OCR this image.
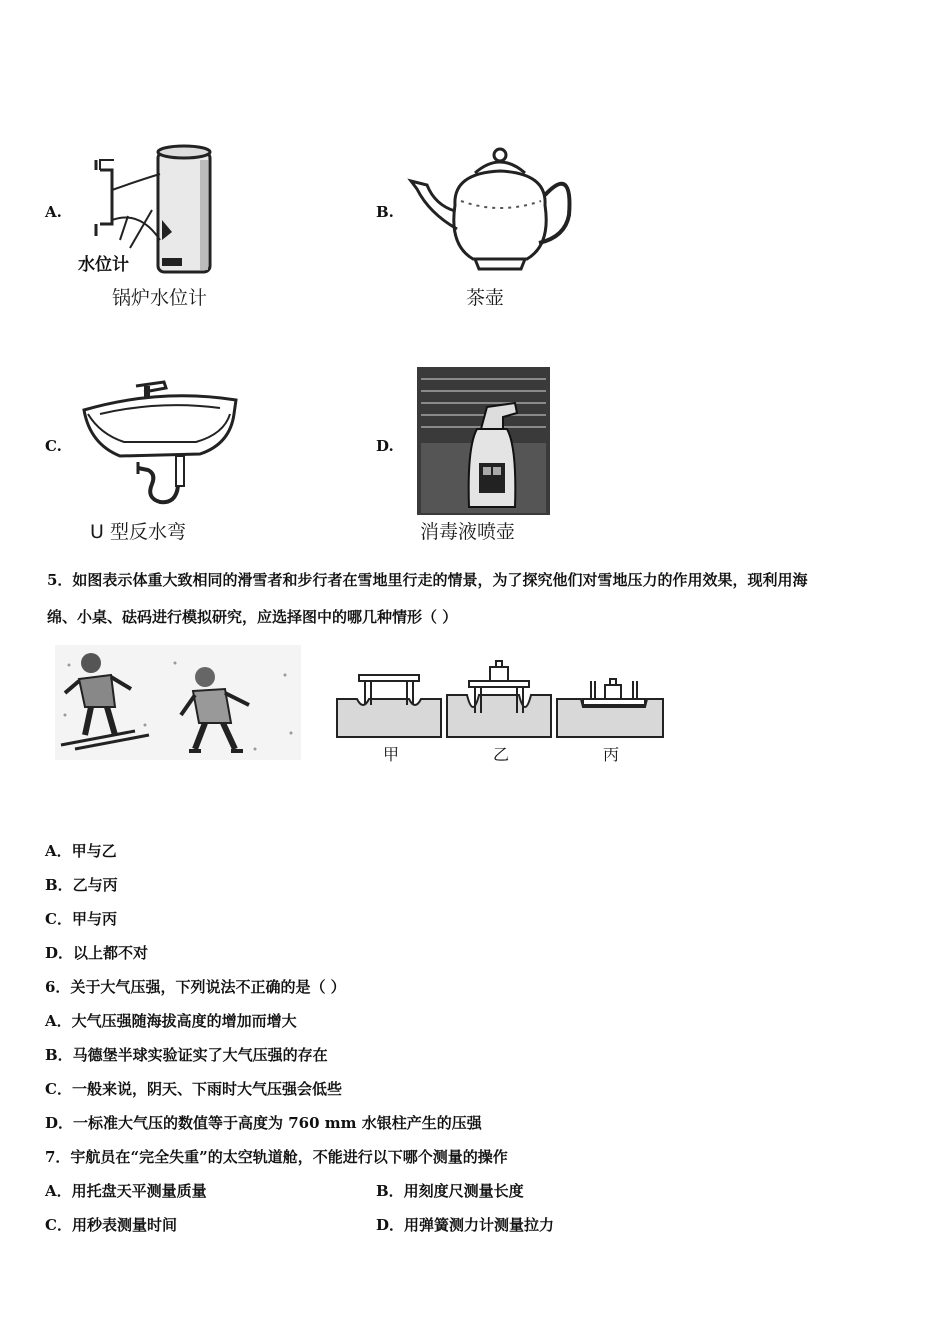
A.
水位计
锅炉水位计
B.
茶壶
C.
U 型反水弯
D.
消毒液喷壶
5．如图表示体重大致相同的滑雪者和步行者在雪地里行走的情景，为了探究他们对雪地压力的作用效果，现利用海
绵、小桌、砝码进行模拟研究，应选择图中的哪几种情形（ ）
甲	乙	丙
A．甲与乙
B．乙与丙
C．甲与丙
D．以上都不对
6．关于大气压强，下列说法不正确的是（ ）
A．大气压强随海拔高度的增加而增大
B．马德堡半球实验证实了大气压强的存在
C．一般来说，阴天、下雨时大气压强会低些
D．一标准大气压的数值等于高度为 760 mm 水银柱产生的压强
7．宇航员在“完全失重”的太空轨道舱，不能进行以下哪个测量的操作
A．用托盘天平测量质量	B．用刻度尺测量长度
C．用秒表测量时间	D．用弹簧测力计测量拉力
